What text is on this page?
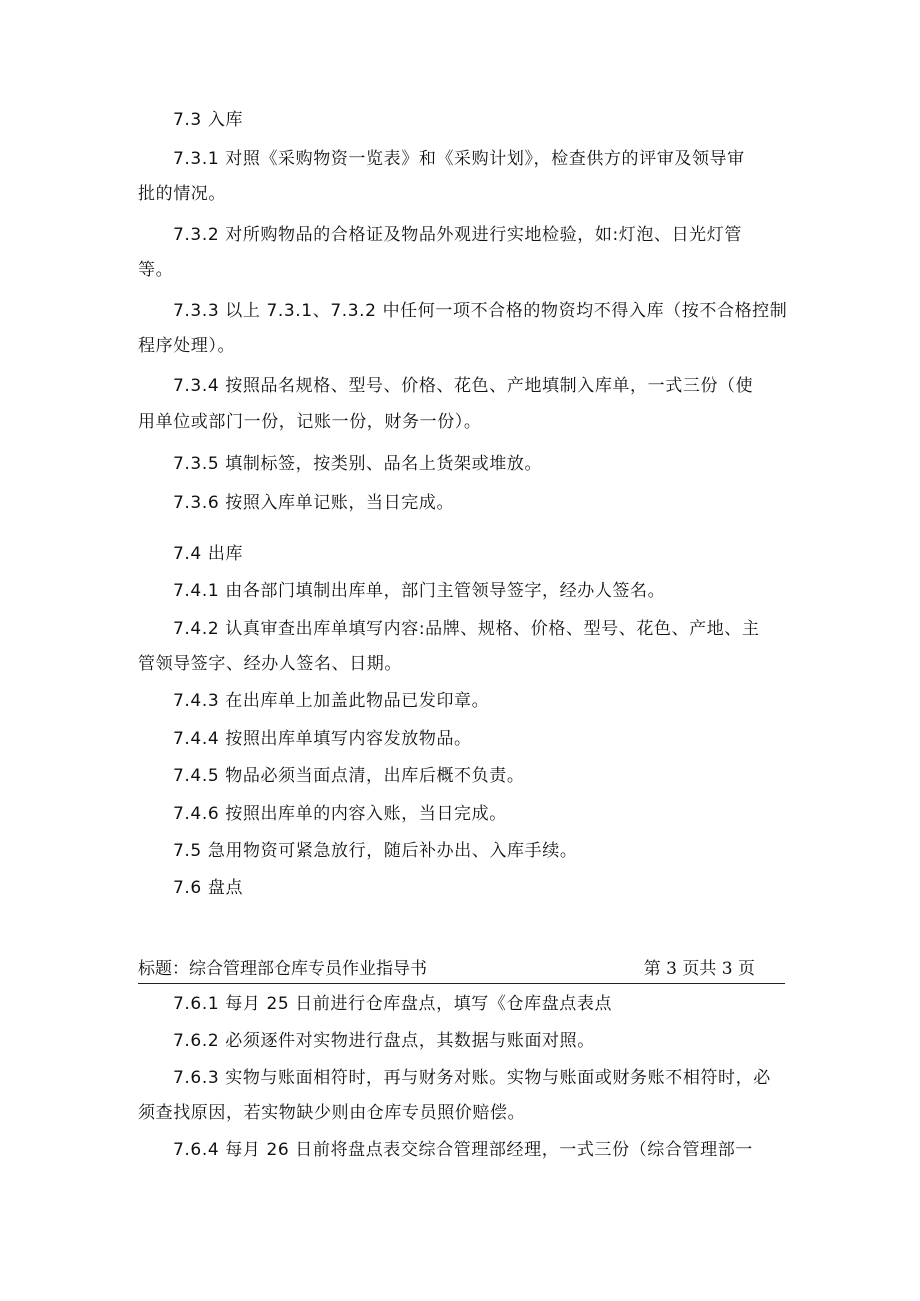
7.3 入库
7.3.1 对照《采购物资一览表》和《采购计划》，检查供方的评审及领导审
批的情况。
7.3.2 对所购物品的合格证及物品外观进行实地检验，如:灯泡、日光灯管
等。
7.3.3 以上 7.3.1、7.3.2 中任何一项不合格的物资均不得入库（按不合格控制
程序处理）。
7.3.4 按照品名规格、型号、价格、花色、产地填制入库单，一式三份（使
用单位或部门一份，记账一份，财务一份）。
7.3.5 填制标签，按类别、品名上货架或堆放。
7.3.6 按照入库单记账，当日完成。
7.4 出库
7.4.1 由各部门填制出库单，部门主管领导签字，经办人签名。
7.4.2 认真审查出库单填写内容:品牌、规格、价格、型号、花色、产地、主
管领导签字、经办人签名、日期。
7.4.3 在出库单上加盖此物品已发印章。
7.4.4 按照出库单填写内容发放物品。
7.4.5 物品必须当面点清，出库后概不负责。
7.4.6 按照出库单的内容入账，当日完成。
7.5 急用物资可紧急放行，随后补办出、入库手续。
7.6 盘点
标题：综合管理部仓库专员作业指导书	第 3 页共 3 页
7.6.1 每月 25 日前进行仓库盘点，填写《仓库盘点表点
7.6.2 必须逐件对实物进行盘点，其数据与账面对照。
7.6.3 实物与账面相符时，再与财务对账。实物与账面或财务账不相符时，必
须查找原因，若实物缺少则由仓库专员照价赔偿。
7.6.4 每月 26 日前将盘点表交综合管理部经理，一式三份（综合管理部一
